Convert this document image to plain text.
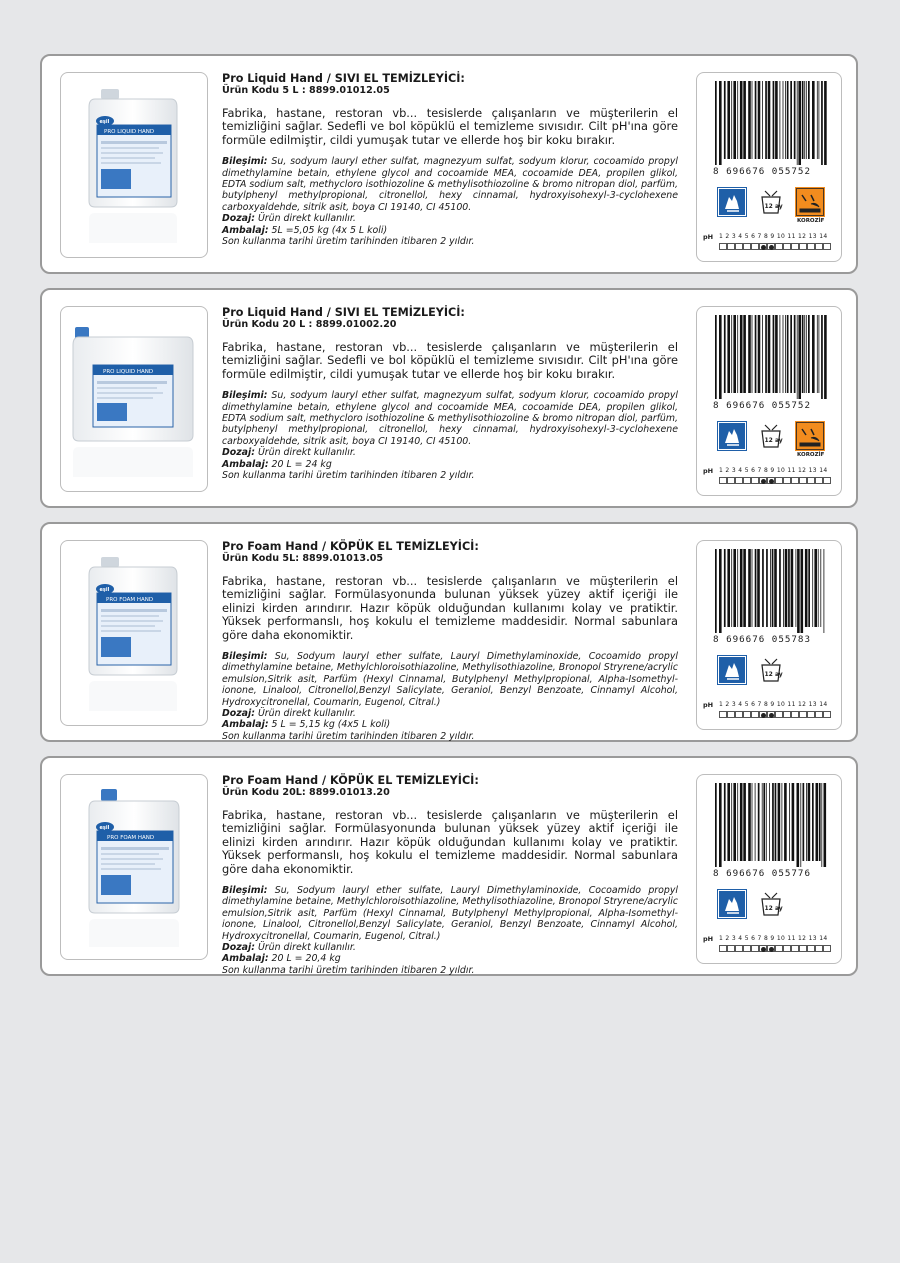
PRO LIQUID HAND
eşil

Pro Liquid Hand / SIVI EL TEMİZLEYİCİ:

Ürün Kodu 5 L : 8899.01012.05

Fabrika, hastane, restoran vb... tesislerde çalışanların ve müşterilerin el temizliğini sağlar. Sedefli ve bol köpüklü el temizleme sıvısıdır. Cilt pH'ına göre formüle edilmiştir, cildi yumuşak tutar ve ellerde hoş bir koku bırakır.

Bileşimi: Su, sodyum lauryl ether sulfat, magnezyum sulfat, sodyum klorur, cocoamido propyl dimethylamine betain, ethylene glycol and cocoamide MEA, cocoamide DEA, propilen glikol, EDTA sodium salt, methycloro isothiozoline & methylisothiozoline & bromo nitropan diol, parfüm, butylphenyl methylpropional, citronellol, hexy cinnamal, hydroxyisohexyl-3-cyclohexene carboxyaldehde, sitrik asit, boya CI 19140, CI 45100.

Dozaj: Ürün direkt kullanılır.

Ambalaj: 5L =5,05 kg (4x 5 L koli)

Son kullanma tarihi üretim tarihinden itibaren 2 yıldır.

8 696676 055752
12 ay
KOROZİF
pH 1 2 3 4 5 6 7 8 9 10 11 12 13 14
PRO LIQUID HAND

Pro Liquid Hand / SIVI EL TEMİZLEYİCİ:

Ürün Kodu 20 L : 8899.01002.20

Fabrika, hastane, restoran vb... tesislerde çalışanların ve müşterilerin el temizliğini sağlar. Sedefli ve bol köpüklü el temizleme sıvısıdır. Cilt pH'ına göre formüle edilmiştir, cildi yumuşak tutar ve ellerde hoş bir koku bırakır.

Bileşimi: Su, sodyum lauryl ether sulfat, magnezyum sulfat, sodyum klorur, cocoamido propyl dimethylamine betain, ethylene glycol and cocoamide MEA, cocoamide DEA, propilen glikol, EDTA sodium salt, methycloro isothiozoline & methylisothiozoline & bromo nitropan diol, parfüm, butylphenyl methylpropional, citronellol, hexy cinnamal, hydroxyisohexyl-3-cyclohexene carboxyaldehde, sitrik asit, boya CI 19140, CI 45100.

Dozaj: Ürün direkt kullanılır.

Ambalaj: 20 L = 24 kg

Son kullanma tarihi üretim tarihinden itibaren 2 yıldır.

8 696676 055752
12 ay
KOROZİF
pH 1 2 3 4 5 6 7 8 9 10 11 12 13 14
PRO FOAM HAND
eşil

Pro Foam Hand / KÖPÜK EL TEMİZLEYİCİ:

Ürün Kodu 5L: 8899.01013.05

Fabrika, hastane, restoran vb... tesislerde çalışanların ve müşterilerin el temizliğini sağlar. Formülasyonunda bulunan yüksek yüzey aktif içeriği ile elinizi kirden arındırır. Hazır köpük olduğundan kullanımı kolay ve pratiktir. Yüksek performanslı, hoş kokulu el temizleme maddesidir. Normal sabunlara göre daha ekonomiktir.

Bileşimi: Su, Sodyum lauryl ether sulfate, Lauryl Dimethylaminoxide, Cocoamido propyl dimethylamine betaine, Methylchloroisothiazoline, Methylisothiazoline, Bronopol Stryrene/acrylic emulsion,Sitrik asit, Parfüm (Hexyl Cinnamal, Butylphenyl Methylpropional, Alpha-Isomethyl-ionone, Linalool, Citronellol,Benzyl Salicylate, Geraniol, Benzyl Benzoate, Cinnamyl Alcohol, Hydroxycitronellal, Coumarin, Eugenol, Citral.)

Dozaj: Ürün direkt kullanılır.

Ambalaj: 5 L = 5,15 kg (4x5 L koli)

Son kullanma tarihi üretim tarihinden itibaren 2 yıldır.

8 696676 055783
12 ay
pH 1 2 3 4 5 6 7 8 9 10 11 12 13 14
PRO FOAM HAND
eşil

Pro Foam Hand / KÖPÜK EL TEMİZLEYİCİ:

Ürün Kodu 20L: 8899.01013.20

Fabrika, hastane, restoran vb... tesislerde çalışanların ve müşterilerin el temizliğini sağlar. Formülasyonunda bulunan yüksek yüzey aktif içeriği ile elinizi kirden arındırır. Hazır köpük olduğundan kullanımı kolay ve pratiktir. Yüksek performanslı, hoş kokulu el temizleme maddesidir. Normal sabunlara göre daha ekonomiktir.

Bileşimi: Su, Sodyum lauryl ether sulfate, Lauryl Dimethylaminoxide, Cocoamido propyl dimethylamine betaine, Methylchloroisothiazoline, Methylisothiazoline, Bronopol Stryrene/acrylic emulsion,Sitrik asit, Parfüm (Hexyl Cinnamal, Butylphenyl Methylpropional, Alpha-Isomethyl-ionone, Linalool, Citronellol,Benzyl Salicylate, Geraniol, Benzyl Benzoate, Cinnamyl Alcohol, Hydroxycitronellal, Coumarin, Eugenol, Citral.)

Dozaj: Ürün direkt kullanılır.

Ambalaj: 20 L = 20,4 kg

Son kullanma tarihi üretim tarihinden itibaren 2 yıldır.

8 696676 055776
12 ay
pH 1 2 3 4 5 6 7 8 9 10 11 12 13 14
